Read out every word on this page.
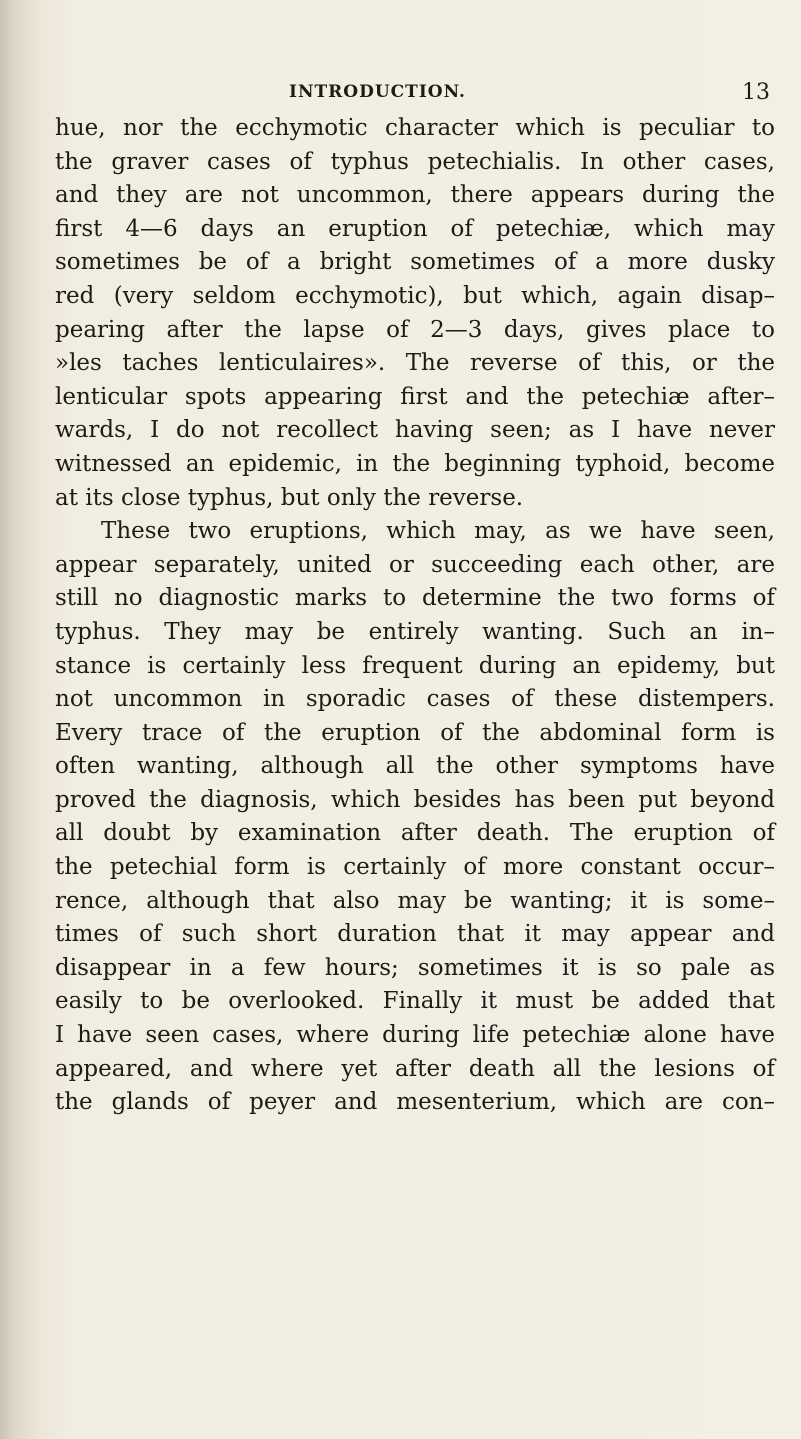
INTRODUCTION.	13
hue, nor the ecchymotic character which is peculiar to
the graver cases of typhus petechialis. In other cases,
and they are not uncommon, there appears during the
first 4—6 days an eruption of petechiæ, which may
sometimes be of a bright sometimes of a more dusky
red (very seldom ecchymotic), but which, again disap–
pearing after the lapse of 2—3 days, gives place to
»les taches lenticulaires». The reverse of this, or the
lenticular spots appearing first and the petechiæ after–
wards, I do not recollect having seen; as I have never
witnessed an epidemic, in the beginning typhoid, become
at its close typhus, but only the reverse.
These two eruptions, which may, as we have seen,
appear separately, united or succeeding each other, are
still no diagnostic marks to determine the two forms of
typhus. They may be entirely wanting. Such an in–
stance is certainly less frequent during an epidemy, but
not uncommon in sporadic cases of these distempers.
Every trace of the eruption of the abdominal form is
often wanting, although all the other symptoms have
proved the diagnosis, which besides has been put beyond
all doubt by examination after death. The eruption of
the petechial form is certainly of more constant occur–
rence, although that also may be wanting; it is some–
times of such short duration that it may appear and
disappear in a few hours; sometimes it is so pale as
easily to be overlooked. Finally it must be added that
I have seen cases, where during life petechiæ alone have
appeared, and where yet after death all the lesions of
the glands of peyer and mesenterium, which are con–
